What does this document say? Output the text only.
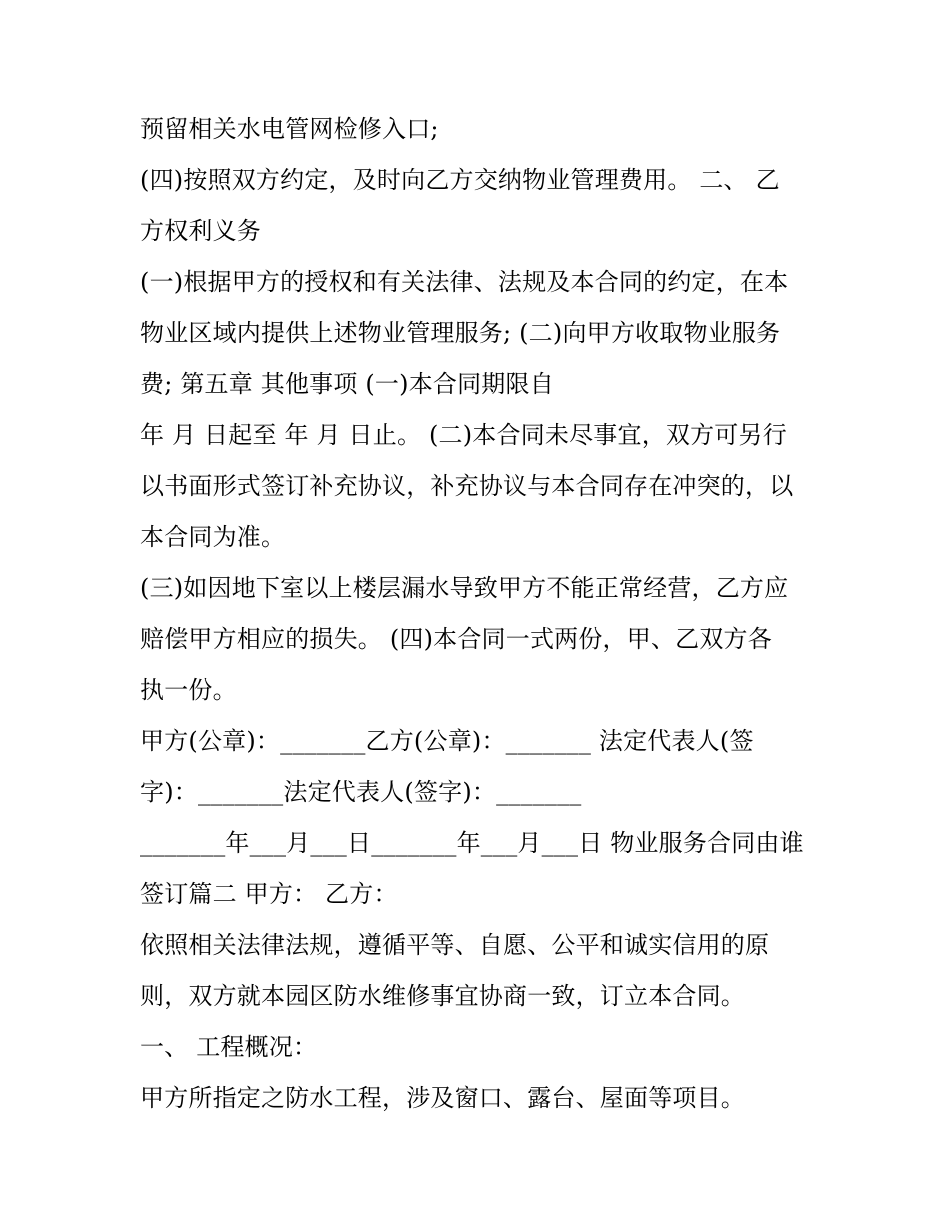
预留相关水电管网检修入口;
(四)按照双方约定，及时向乙方交纳物业管理费用。 二、 乙
方权利义务
(一)根据甲方的授权和有关法律、法规及本合同的约定，在本
物业区域内提供上述物业管理服务; (二)向甲方收取物业服务
费; 第五章 其他事项 (一)本合同期限自
年 月 日起至 年 月 日止。 (二)本合同未尽事宜，双方可另行
以书面形式签订补充协议，补充协议与本合同存在冲突的，以
本合同为准。
(三)如因地下室以上楼层漏水导致甲方不能正常经营，乙方应
赔偿甲方相应的损失。 (四)本合同一式两份，甲、乙双方各
执一份。
甲方(公章)：_______乙方(公章)：_______ 法定代表人(签
字)：_______法定代表人(签字)：_______
_______年___月___日_______年___月___日 物业服务合同由谁
签订篇二 甲方： 乙方：
依照相关法律法规，遵循平等、自愿、公平和诚实信用的原
则，双方就本园区防水维修事宜协商一致，订立本合同。
一、 工程概况：
甲方所指定之防水工程，涉及窗口、露台、屋面等项目。
